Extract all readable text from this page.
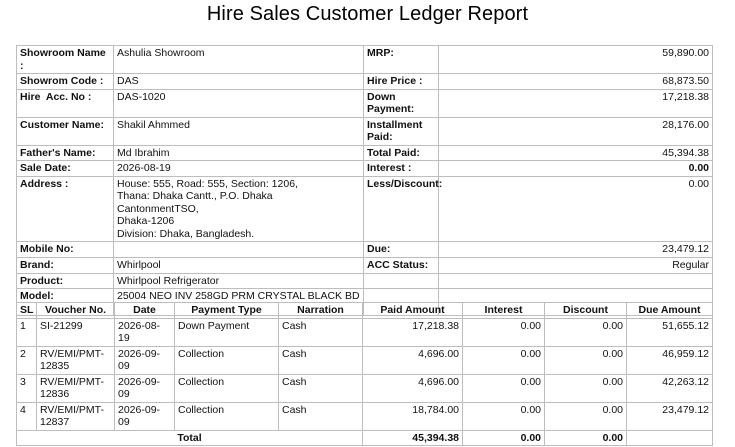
Hire Sales Customer Ledger Report
Showroom Name :	Ashulia Showroom	MRP:	59,890.00
Showrom Code :	DAS	Hire Price :	68,873.50
Hire  Acc. No :	DAS-1020	Down Payment:	17,218.38
Customer Name:	Shakil Ahmmed	Installment Paid:	28,176.00
Father's Name:	Md Ibrahim	Total Paid:	45,394.38
Sale Date:	2026-08-19	Interest :	0.00
Address :	House: 555, Road: 555, Section: 1206,
Thana: Dhaka Cantt., P.O. Dhaka
CantonmentTSO,
Dhaka-1206
Division: Dhaka, Bangladesh.	Less/Discount:	0.00
Mobile No:		Due:	23,479.12
Brand:	Whirlpool	ACC Status:	Regular
Product:	Whirlpool Refrigerator		
Model:	25004 NEO INV 258GD PRM CRYSTAL BLACK BD		
SL	Voucher No.	Date	Payment Type	Narration	Paid Amount	Interest	Discount	Due Amount
1	SI-21299	2026-08-19	Down Payment	Cash	17,218.38	0.00	0.00	51,655.12
2	RV/EMI/PMT-12835	2026-09-09	Collection	Cash	4,696.00	0.00	0.00	46,959.12
3	RV/EMI/PMT-12836	2026-09-09	Collection	Cash	4,696.00	0.00	0.00	42,263.12
4	RV/EMI/PMT-12837	2026-09-09	Collection	Cash	18,784.00	0.00	0.00	23,479.12
Total					45,394.38	0.00	0.00	
